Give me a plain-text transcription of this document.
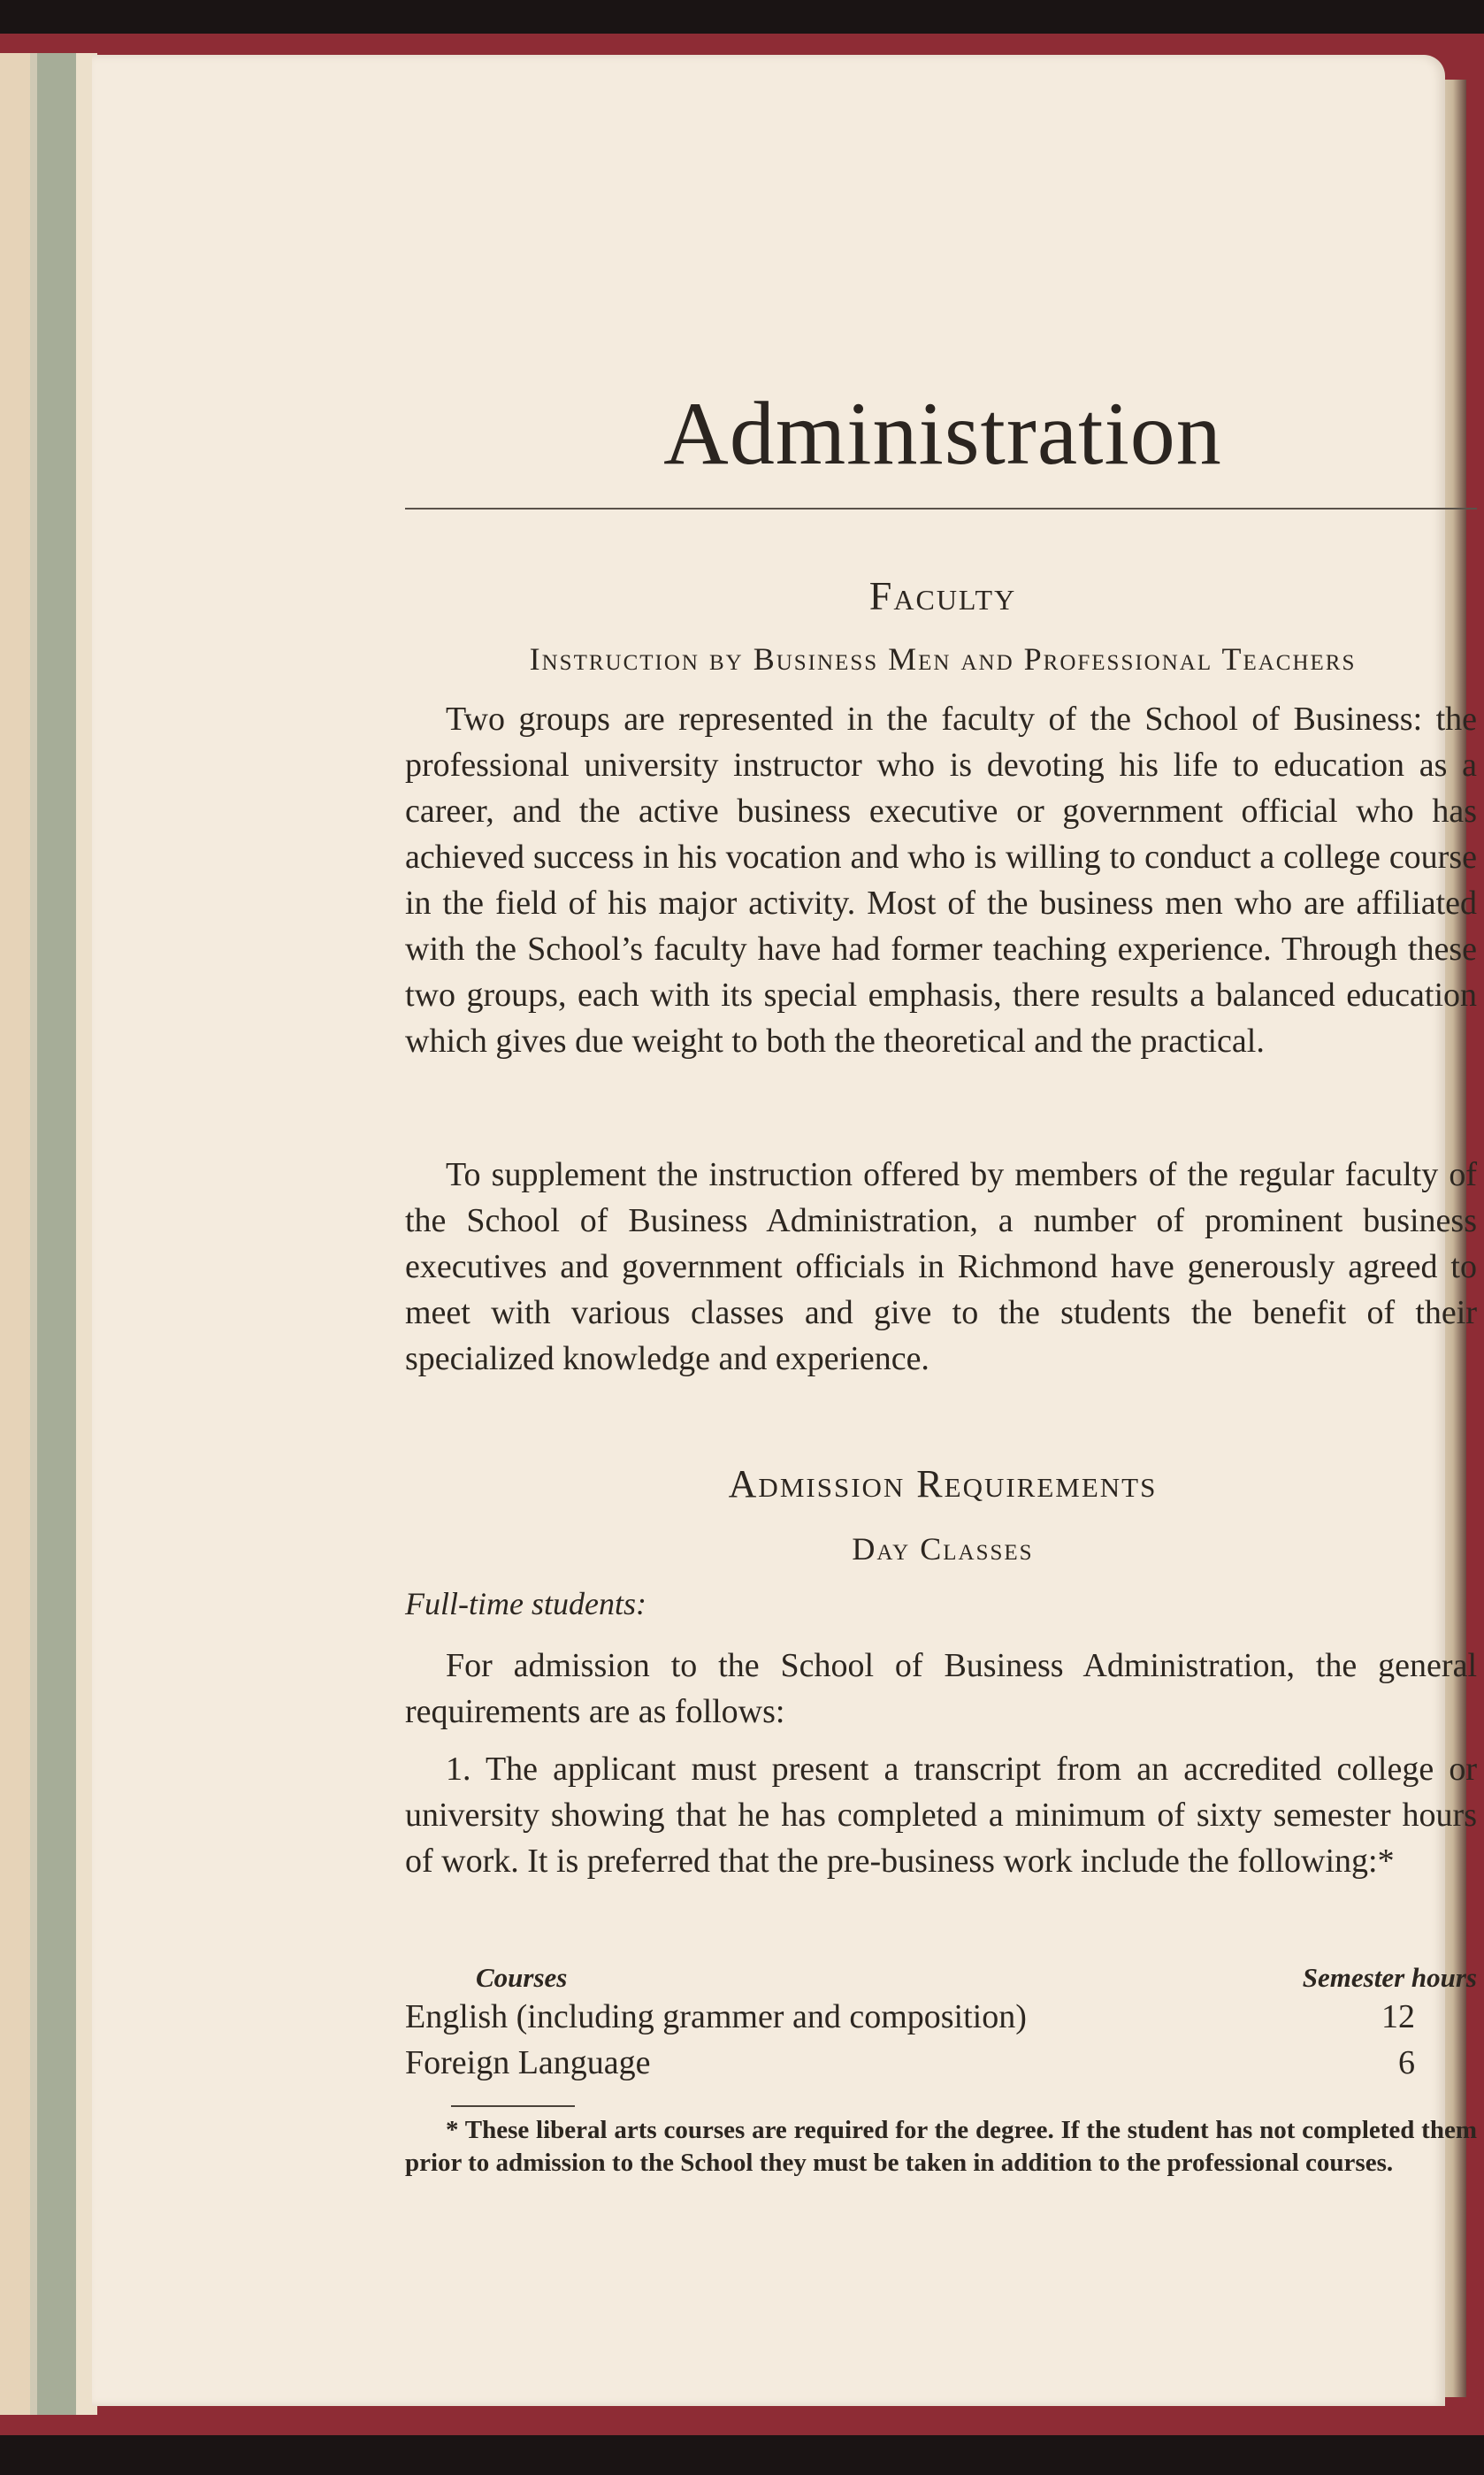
Administration
Faculty
Instruction by Business Men and Professional Teachers
Two groups are represented in the faculty of the School of Business: the professional university instructor who is devoting his life to education as a career, and the active business executive or government official who has achieved success in his vocation and who is willing to conduct a college course in the field of his major activity. Most of the business men who are affiliated with the School’s faculty have had former teaching experience. Through these two groups, each with its special emphasis, there results a balanced education which gives due weight to both the theoretical and the practical.
To supplement the instruction offered by members of the regular faculty of the School of Business Administration, a number of prominent business executives and government officials in Richmond have generously agreed to meet with various classes and give to the students the benefit of their specialized knowledge and experience.
Admission Requirements
Day Classes
Full-time students:
For admission to the School of Business Administration, the general requirements are as follows:
1. The applicant must present a transcript from an accredited college or university showing that he has completed a minimum of sixty semester hours of work. It is preferred that the pre-business work include the following:*
Courses	Semester hours
English (including grammer and composition)	12
Foreign Language	6
* These liberal arts courses are required for the degree. If the student has not completed them prior to admission to the School they must be taken in addition to the professional courses.
